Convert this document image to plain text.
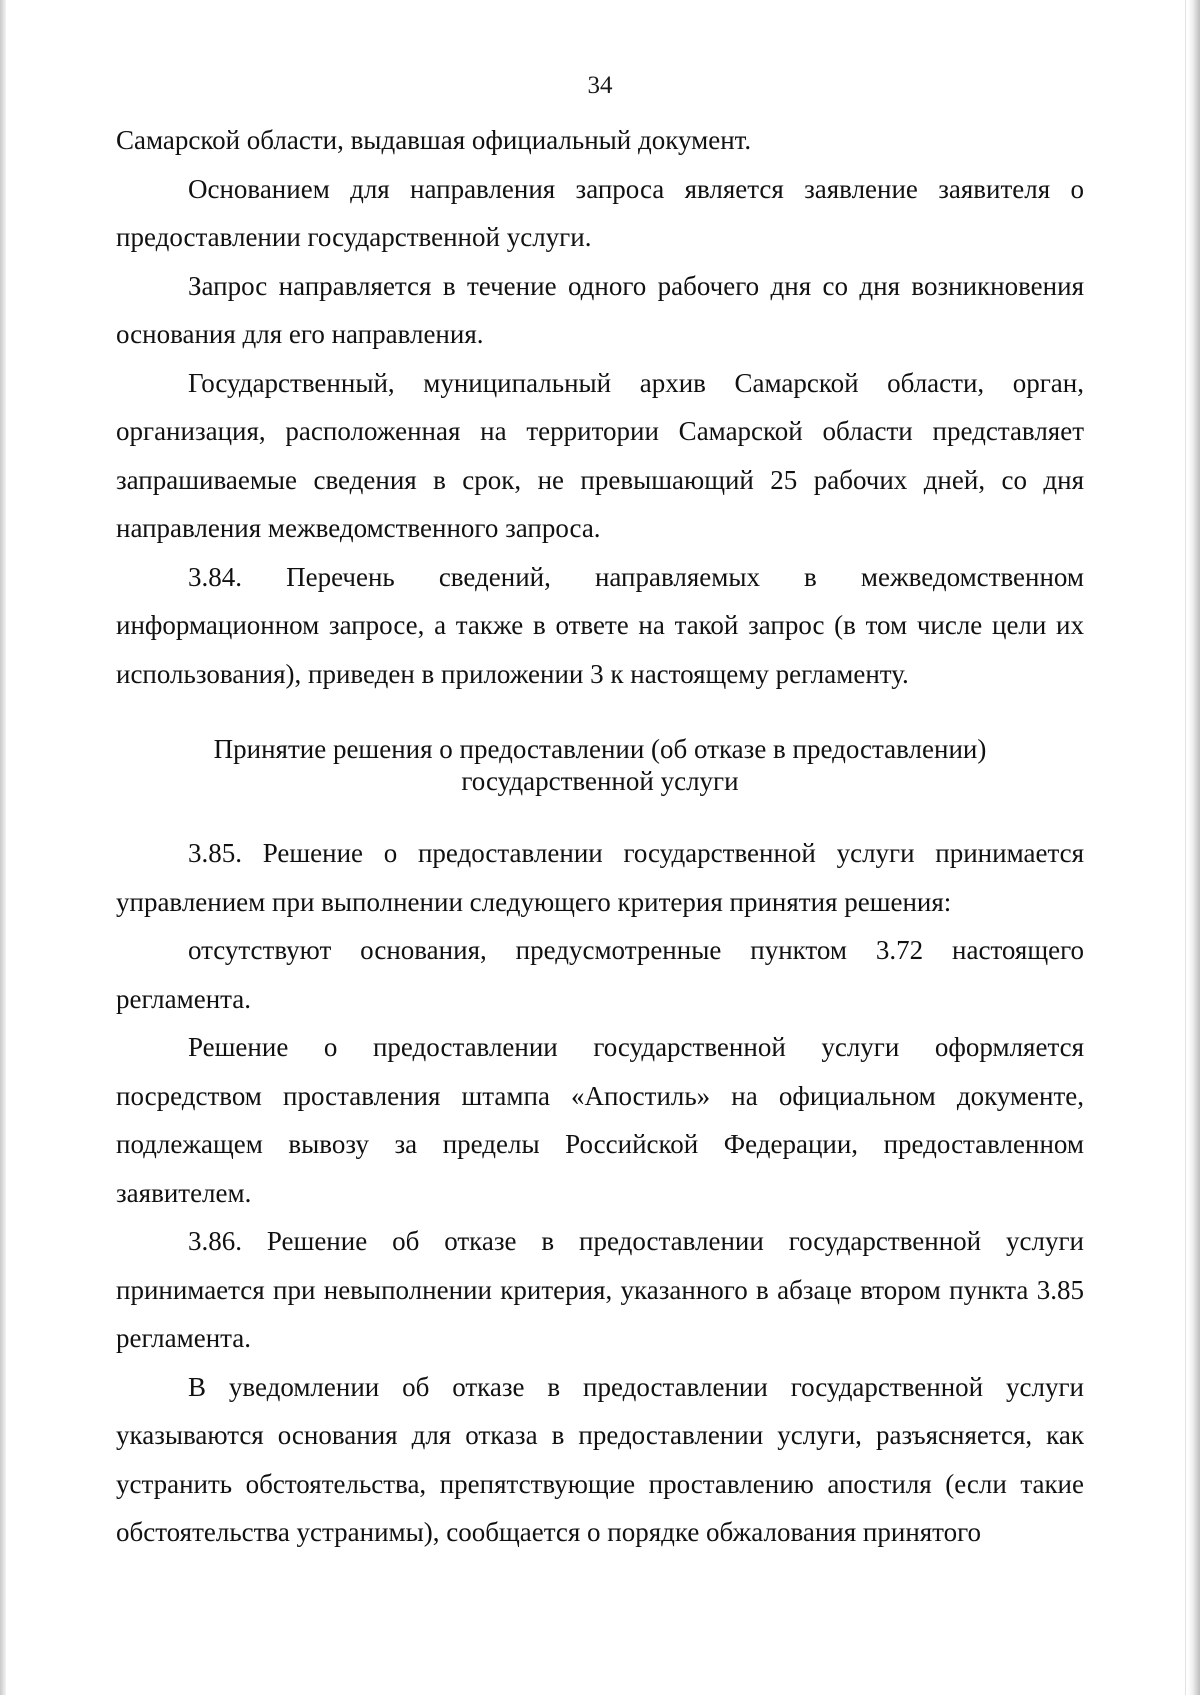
34

Самарской области, выдавшая официальный документ.

Основанием для направления запроса является заявление заявителя о предоставлении государственной услуги.

Запрос направляется в течение одного рабочего дня со дня возникновения основания для его направления.

Государственный, муниципальный архив Самарской области, орган, организация, расположенная на территории Самарской области представляет запрашиваемые сведения в срок, не превышающий 25 рабочих дней, со дня направления межведомственного запроса.

3.84. Перечень сведений, направляемых в межведомственном информационном запросе, а также в ответе на такой запрос (в том числе цели их использования), приведен в приложении 3 к настоящему регламенту.

Принятие решения о предоставлении (об отказе в предоставлении)
государственной услуги

3.85. Решение о предоставлении государственной услуги принимается управлением при выполнении следующего критерия принятия решения:

отсутствуют основания, предусмотренные пунктом 3.72 настоящего регламента.

Решение о предоставлении государственной услуги оформляется посредством проставления штампа «Апостиль» на официальном документе, подлежащем вывозу за пределы Российской Федерации, предоставленном заявителем.

3.86. Решение об отказе в предоставлении государственной услуги принимается при невыполнении критерия, указанного в абзаце втором пункта 3.85 регламента.

В уведомлении об отказе в предоставлении государственной услуги указываются основания для отказа в предоставлении услуги, разъясняется, как устранить обстоятельства, препятствующие проставлению апостиля (если такие обстоятельства устранимы), сообщается о порядке обжалования принятого
